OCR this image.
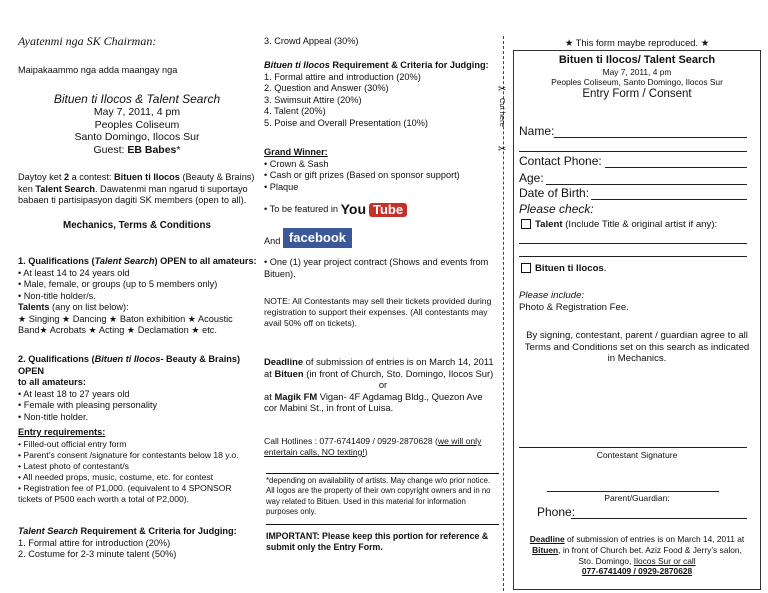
Ayatenmi nga SK Chairman:
Maipakaammo nga adda maangay nga
Bituen ti Ilocos & Talent Search
May 7, 2011, 4 pm
Peoples Coliseum
Santo Domingo, Ilocos Sur
Guest: EB Babes*
Daytoy ket 2 a contest: Bituen ti Ilocos (Beauty & Brains)
ken Talent Search. Dawatenmi man ngarud ti suportayo
babaen ti partisipasyon dagiti SK members (open to all).
Mechanics, Terms & Conditions
1. Qualifications (Talent Search) OPEN to all amateurs:
• At least 14 to 24 years old
• Male, female, or groups (up to 5 members only)
• Non-title holder/s.
Talents (any on list below):
★ Singing ★ Dancing ★ Baton exhibition ★ Acoustic
Band★ Acrobats ★ Acting ★ Declamation ★ etc.
2. Qualifications (Bituen ti Ilocos- Beauty & Brains) OPEN
to all amateurs:
• At least 18 to 27 years old
• Female with pleasing personality
• Non-title holder.
Entry requirements:
• Filled-out official entry form
• Parent’s consent /signature for contestants below 18 y.o.
• Latest photo of contestant/s
• All needed props, music, costume, etc. for contest
• Registration fee of P1,000. (equivalent to 4 SPONSOR
tickets of P500 each worth a total of P2,000).
Talent Search Requirement & Criteria for Judging:
1. Formal attire for introduction (20%)
2. Costume for 2-3 minute talent (50%)
3. Crowd Appeal (30%)
Bituen ti Ilocos Requirement & Criteria for Judging:
1. Formal attire and introduction (20%)
2. Question and Answer (30%)
3. Swimsuit Attire (20%)
4. Talent (20%)
5. Poise and Overall Presentation (10%)
Grand Winner:
• Crown & Sash
• Cash or gift prizes (Based on sponsor support)
• Plaque
• To be featured in You Tube
And facebook
• One (1) year project contract (Shows and events from
Bituen).
NOTE: All Contestants may sell their tickets provided during
registration to support their expenses. (All contestants may
avail 50% off on tickets).
Deadline of submission of entries is on March 14, 2011
at Bituen (in front of Church, Sto. Domingo, Ilocos Sur)
or
at Magik FM Vigan- 4F Agdamag Bldg., Quezon Ave
cor Mabini St., in front of Luisa.
Call Hotlines : 077-6741409 / 0929-2870628 (we will only
entertain calls, NO texting!)
*depending on availability of artists. May change w/o prior notice.
All logos are the property of their own copyright owners and in no
way related to Bituen. Used in this material for information
purposes only.
IMPORTANT: Please keep this portion for reference &
submit only the Entry Form.
✂
Cut here
✂
★ This form maybe reproduced. ★
Bituen ti Ilocos/ Talent Search
May 7, 2011, 4 pm
Peoples Coliseum, Santo Domingo, Ilocos Sur
Entry Form / Consent
Name:
Contact Phone:
Age:
Date of Birth:
Please check:
Talent (Include Title & original artist if any):
Bituen ti Ilocos.
Please include:
Photo & Registration Fee.
By signing, contestant, parent / guardian agree to all
Terms and Conditions set on this search as indicated
in Mechanics.
Contestant Signature
Parent/Guardian:
Phone:
Deadline of submission of entries is on March 14, 2011 at
Bituen, in front of Church bet. Aziz Food & Jerry’s salon,
Sto. Domingo, Ilocos Sur or call
077-6741409 / 0929-2870628
